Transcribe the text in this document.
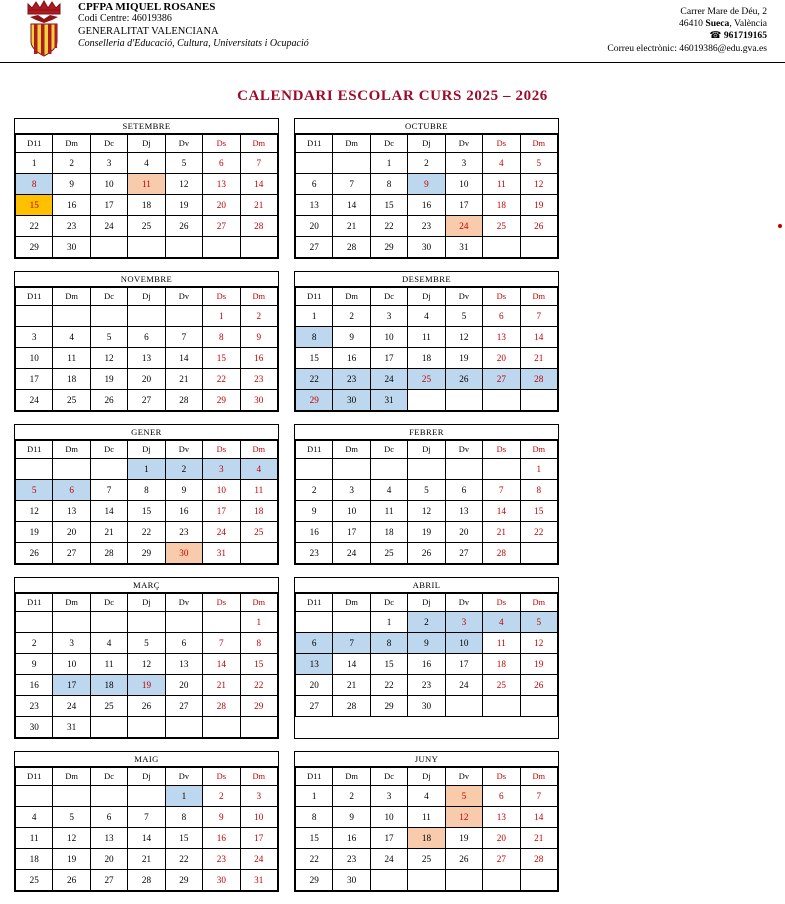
CPFPA MIQUEL ROSANES
Codi Centre: 46019386
GENERALITAT VALENCIANA
Conselleria d'Educació, Cultura, Universitats i Ocupació
Carrer Mare de Déu, 2
46410 Sueca, València
☎ 961719165
Correu electrònic: 46019386@edu.gva.es
CALENDARI ESCOLAR CURS 2025 – 2026
SETEMBRE
D11	Dm	Dc	Dj	Dv	Ds	Dm
1	2	3	4	5	6	7
8	9	10	11	12	13	14
15	16	17	18	19	20	21
22	23	24	25	26	27	28
29	30					
OCTUBRE
D11	Dm	Dc	Dj	Dv	Ds	Dm
		1	2	3	4	5
6	7	8	9	10	11	12
13	14	15	16	17	18	19
20	21	22	23	24	25	26
27	28	29	30	31		
NOVEMBRE
D11	Dm	Dc	Dj	Dv	Ds	Dm
					1	2
3	4	5	6	7	8	9
10	11	12	13	14	15	16
17	18	19	20	21	22	23
24	25	26	27	28	29	30
DESEMBRE
D11	Dm	Dc	Dj	Dv	Ds	Dm
1	2	3	4	5	6	7
8	9	10	11	12	13	14
15	16	17	18	19	20	21
22	23	24	25	26	27	28
29	30	31				
GENER
D11	Dm	Dc	Dj	Dv	Ds	Dm
			1	2	3	4
5	6	7	8	9	10	11
12	13	14	15	16	17	18
19	20	21	22	23	24	25
26	27	28	29	30	31	
FEBRER
D11	Dm	Dc	Dj	Dv	Ds	Dm
						1
2	3	4	5	6	7	8
9	10	11	12	13	14	15
16	17	18	19	20	21	22
23	24	25	26	27	28	
MARÇ
D11	Dm	Dc	Dj	Dv	Ds	Dm
						1
2	3	4	5	6	7	8
9	10	11	12	13	14	15
16	17	18	19	20	21	22
23	24	25	26	27	28	29
30	31					
ABRIL
D11	Dm	Dc	Dj	Dv	Ds	Dm
		1	2	3	4	5
6	7	8	9	10	11	12
13	14	15	16	17	18	19
20	21	22	23	24	25	26
27	28	29	30			
MAIG
D11	Dm	Dc	Dj	Dv	Ds	Dm
				1	2	3
4	5	6	7	8	9	10
11	12	13	14	15	16	17
18	19	20	21	22	23	24
25	26	27	28	29	30	31
JUNY
D11	Dm	Dc	Dj	Dv	Ds	Dm
1	2	3	4	5	6	7
8	9	10	11	12	13	14
15	16	17	18	19	20	21
22	23	24	25	26	27	28
29	30					
